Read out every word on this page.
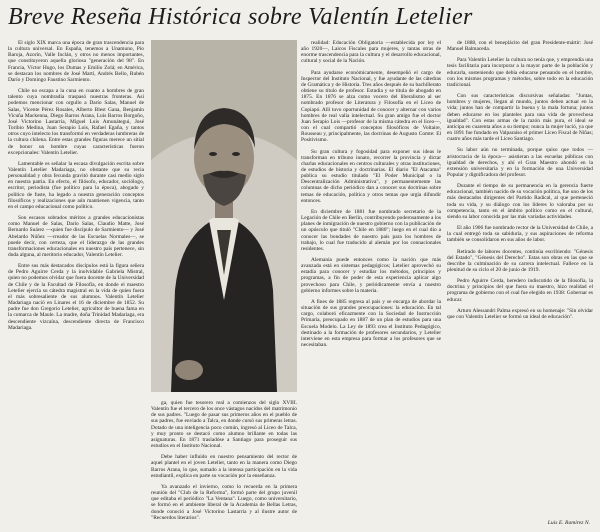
Breve Reseña Histórica sobre Valentín Letelier

El siglo XIX marca una época de gran trascendencia para la cultura universal. En España, tenemos a Unamuno, Pío Baroja, Azorín, Valle Inclán, y otros no menos importantes, que constituyeron aquella gloriosa "generación del 98". En Francia, Víctor Hugo, los Dumas y Emilio Zolá; en América, se destacan los nombres de José Martí, Andrés Bello, Rubén Darío y Domingo Faustino Sarmiento.

Chile no escapa a la cuna en cuanto a hombres de gran talento cuya nombradía traspasó nuestras fronteras. Así podemos mencionar con orgullo a Darío Salas, Manuel de Salas, Vicente Pérez Rosales, Alberto Blest Gana, Benjamín Vicuña Mackenna, Diego Barros Arana, Luis Barros Borgoño, José Victorino Lastarria, Miguel Luis Amunátegui, José Toribio Medina, Juan Serapio Lois, Rafael Egaña, y tantos otros cuyo intelecto los transformó en verdaderas lumbreras de la cultura chilena. Entre estas grandes figuras merece un sitial de honor un hombre cuyas características fueron excepcionales: Valentín Letelier.

Lamentable es señalar la escasa divulgación escrita sobre Valentín Letelier Madariaga, no obstante que su recia personalidad y obra fecunda gravitó durante casi medio siglo en nuestra patria. En efecto, el filósofo, educador, sociólogo, escritor, periodista (fue político para la época), abogado y político de fuste, ha legado a nuestra generación conceptos filosóficos y realizaciones que aún mantienen vigencia, tanto en el campo educacional como político.

Son escasos sobrados méritos a grandes educacionistas como Manuel de Salas, Darío Salas, Claudio Matte, José Bernardo Suárez —quien fue discípulo de Sarmiento— y José Abelardo Núñez —creador de las Escuelas Normales—, se puede decir, con certeza, que el liderazgo de las grandes transformaciones educacionales en nuestro país pertenece, sin duda alguna, al meritorio educador, Valentín Letelier.

Entre sus más destacados discípulos está la figura señera de Pedro Aguirre Cerda y la inolvidable Gabriela Mistral, quien no podemos olvidar que fuera docente de la Universidad de Chile y de la Facultad de Filosofía, en donde el maestro Letelier ejercía su cátedra magistral en la vida de quien fuera el más sobresaliente de sus alumnos. Valentín Letelier Madariaga nació en Linares el 16 de diciembre de 1852. Su padre fue don Gregorio Letelier, agricultor de buena fama en la comarca de Maule. La madre, doña Trinidad Madariaga, era descendiente vizcaína, descendiente directa de Francisco Madariaga.

ga, quien fue tesorero real a comienzos del siglo XVIII. Valentín fue el tercero de los once vástagos nacidos del matrimonio de sus padres. "Luego de pasar sus primeros años en el pueblo de sus padres, fue enviado a Talca, en donde cursó sus primeras letras. Dotado de una inteligencia poco común, ingresó al Liceo de Talca, y muy pronto se destacó como alumno brillante en todas las asignaturas. En 1871 trasladóse a Santiago para proseguir sus estudios en el Instituto Nacional.

Debe haber influido en nuestro pensamiento del rector de aquel plantel en el joven Letelier, tanto en la manera como Diego Barros Arana, lo que, sumado a la intensa participación en la vida estudiantil, explica en parte su vocación por la enseñanza.

Ya avanzado el invierno, como lo recuerda en la primera reunión del "Club de la Reforma", formó parte del grupo juvenil que editaba el periódico "La Ventana". Luego, como universitario, se formó en el ambiente liberal de la Academia de Bellas Letras, donde conoció a José Victorino Lastarria y al ilustre autor de "Recuerdos literarios".

realidad: Educación Obligatoria —establecida por ley el año 1920—, Laicos Fiscales para mujeres, y tantas otras de enorme trascendencia para la cultura y el desarrollo educacional, cultural y social de la Nación.

Para ayudarse económicamente, desempeñó el cargo de Inspector del Instituto Nacional, y fue ayudante de las cátedras de Gramática y de Historia. Tres años después de su bachillerato obtiene su título de profesor. Estudia y se titula de abogado en 1875. En 1876 se alza como vocero del liberalismo al ser nombrado profesor de Literatura y Filosofía en el Liceo de Copiapó. Allí tuvo oportunidad de conocer y alternar con varios hombres de real valía intelectual. Su gran amigo fue el doctor Juan Serapio Lois —profesor de la misma cátedra en el liceo—, con el cual compartió conceptos filosóficos de Voltaire, Rousseau y, principalmente, las doctrinas de Augusto Comte: El Positivismo.

Su gran cultura y fogosidad para exponer sus ideas le transforman en tribuno innato, recorrer la provincia y dictar charlas educacionales en centros culturales y otras instituciones, de estudios de historia y doctrinarias. El diario "El Atacama" publica su estudio titulado "El Poder Municipal o la Descentralización Administrativa", y permanentemente las columnas de dicho periódico dan a conocer sus doctrinas sobre temas de educación, política y otros temas que urgía difundir entonces.

En diciembre de 1881 fue nombrado secretario de la Legación de Chile en Berlín, contribuyendo poderosamente a los planes de inmigración de nuestro gobierno con la publicación de un opúsculo que tituló "Chile en 1880"; luego en el cual dio a conocer las bondades de nuestro país para los hombres de trabajo, lo cual fue traducido al alemán por los connacionales residentes.

Alemania puede entonces como la nación que más avanzada está en sistemas pedagógicos; Letelier aprovechó su estadía para conocer y estudiar los métodos, principios y programas, a fin de poder de esta experiencia aplicar algo provechoso para Chile, y periódicamente envía a nuestro gobierno informes sobre la materia.

A fines de 1885 regresa al país y se encarga de abordar la situación de sus grandes preocupaciones: la educación. En tal cargo, colaboró eficazmente con la Sociedad de Instrucción Primaria, preocupado en 1887 de un plan de estudios para una Escuela Modelo. La Ley de 1893 crea el Instituto Pedagógico, destinado a la formación de profesores secundarios, y Letelier interviene en esta empresa para formar a los profesores que se necesitaban.

de 1888, con el beneplácito del gran Presidente-mártir: José Manuel Balmaceda.

Para Valentín Letelier la cultura no tenía que, y emprendía una tesis facilitaria para incorporar a la mayor parte de la población y educarla, sosteniendo que debía educarse pensando en el hombre, con los mismos programas y métodos, sobre todo en la educación tradicional.

Con sus características discursivas señaladas: "Juntas, hombres y mujeres, llegan al mundo, juntos deben actuar en la vida; juntos han de compartir la buena y la mala fortuna; juntos deben educarse en los planteles para una vida de provechosa igualdad". Con estas armas de la razón más pura, el ideal se anticipa en cuarenta años a su tiempo; nunca la mujer lució, ya que en 1891 fue fundado en Valparaíso el primer Liceo Fiscal de Niñas; cuatro años más tarde el Liceo Santiago.

Su labor aún no terminada, porque quiso que todos —aristocracia de la época— asistieran a las escuelas públicas con igualdad de derechos, y ahí el Gran Maestro ahondó en la extensión universitaria y en la formación de una Universidad Popular y dignificadora del profesor.

Durante el tiempo de su permanencia en la gerencia fuerte educacional, también nacido de su vocación política, fue uno de los más destacados dirigentes del Partido Radical, al que perteneció toda su vida, y su diálogo con los líderes lo valoraba por su competencia, tanto en el ámbito político como en el cultural, siendo su labor conocida por las más variadas actividades.

El año 1906 fue nombrado rector de la Universidad de Chile, a la cual entregó toda su sabiduría, y sus aspiraciones de reforma también se consolidaron en sus años de labor.

Retirado de labores docentes, continúa escribiendo: "Génesis del Estado", "Génesis del Derecho". Estas son obras en las que se describe la culminación de su carrera intelectual. Fallece en la plenitud de su ciclo el 20 de junio de 1919.

Pedro Aguirre Cerda, heredero indiscutido de la filosofía, la doctrina y principios del que fuera su maestro, hizo realidad el programa de gobierno con el cual fue elegido en 1938: Gobernar es educar.

Arturo Alessandri Palma expresó en su homenaje: "Sin olvidar que con Valentín Letelier se formó un ideal de educación".

Luis E. Ramírez N.
